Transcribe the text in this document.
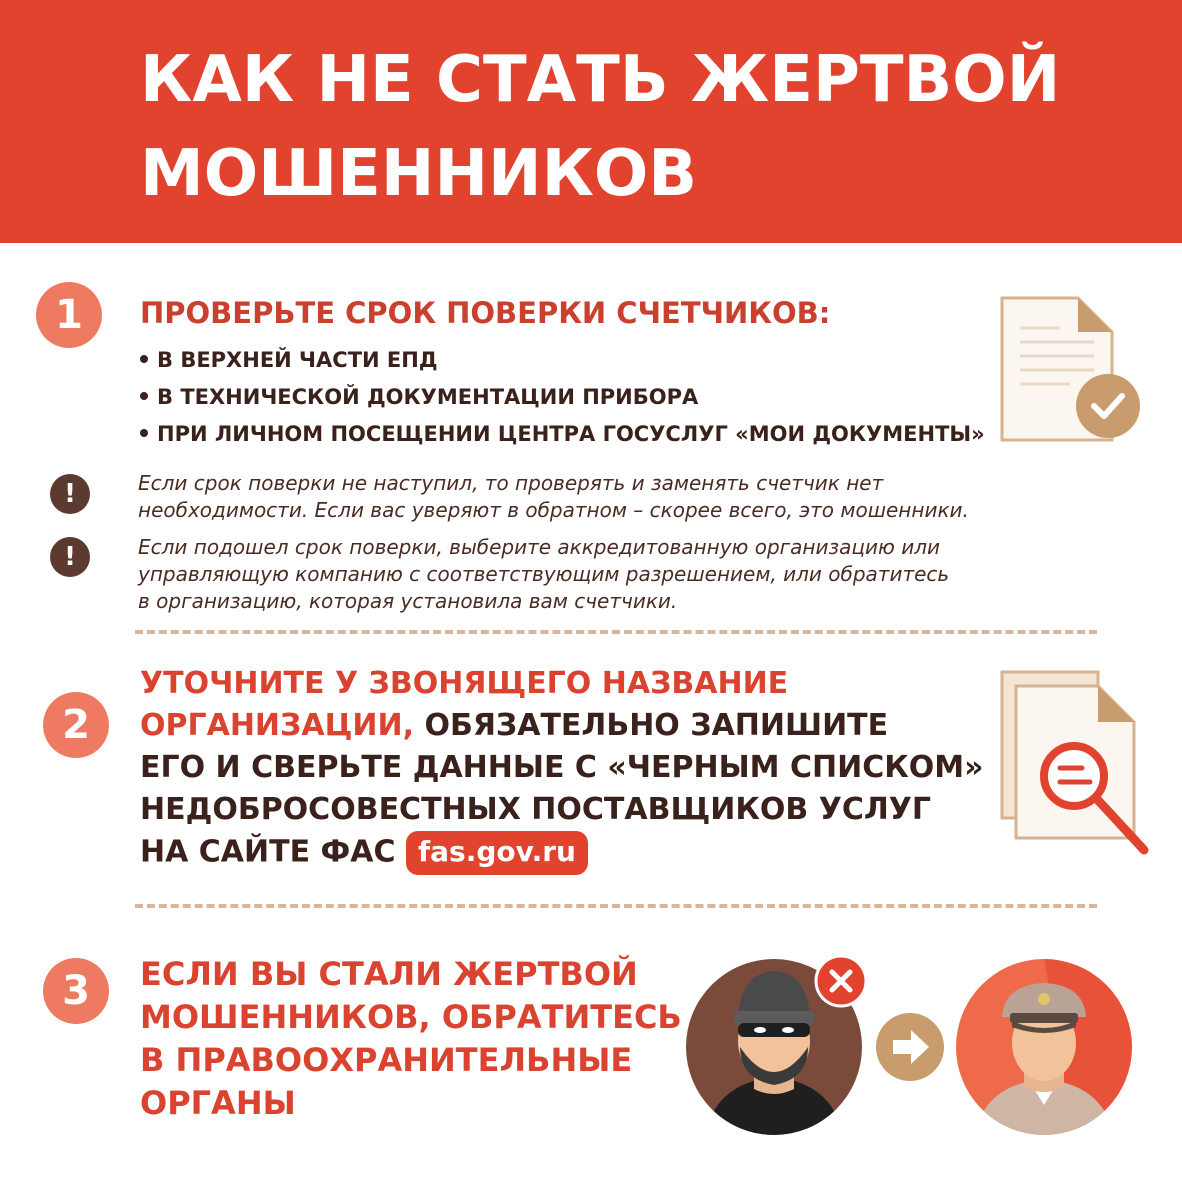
КАК НЕ СТАТЬ ЖЕРТВОЙ
МОШЕННИКОВ
1	ПРОВЕРЬТЕ СРОК ПОВЕРКИ СЧЕТЧИКОВ:
В ВЕРХНЕЙ ЧАСТИ ЕПД
В ТЕХНИЧЕСКОЙ ДОКУМЕНТАЦИИ ПРИБОРА
ПРИ ЛИЧНОМ ПОСЕЩЕНИИ ЦЕНТРА ГОСУСЛУГ «МОИ ДОКУМЕНТЫ»
!	Если срок поверки не наступил, то проверять и заменять счетчик нет
необходимости. Если вас уверяют в обратном – скорее всего, это мошенники.
!	Если подошел срок поверки, выберите аккредитованную организацию или
управляющую компанию с соответствующим разрешением, или обратитесь
в организацию, которая установила вам счетчики.
2
УТОЧНИТЕ У ЗВОНЯЩЕГО НАЗВАНИЕ
ОРГАНИЗАЦИИ, ОБЯЗАТЕЛЬНО ЗАПИШИТЕ
ЕГО И СВЕРЬТЕ ДАННЫЕ С «ЧЕРНЫМ СПИСКОМ»
НЕДОБРОСОВЕСТНЫХ ПОСТАВЩИКОВ УСЛУГ
НА САЙТЕ ФАС fas.gov.ru
3	ЕСЛИ ВЫ СТАЛИ ЖЕРТВОЙ
МОШЕННИКОВ, ОБРАТИТЕСЬ
В ПРАВООХРАНИТЕЛЬНЫЕ
ОРГАНЫ
